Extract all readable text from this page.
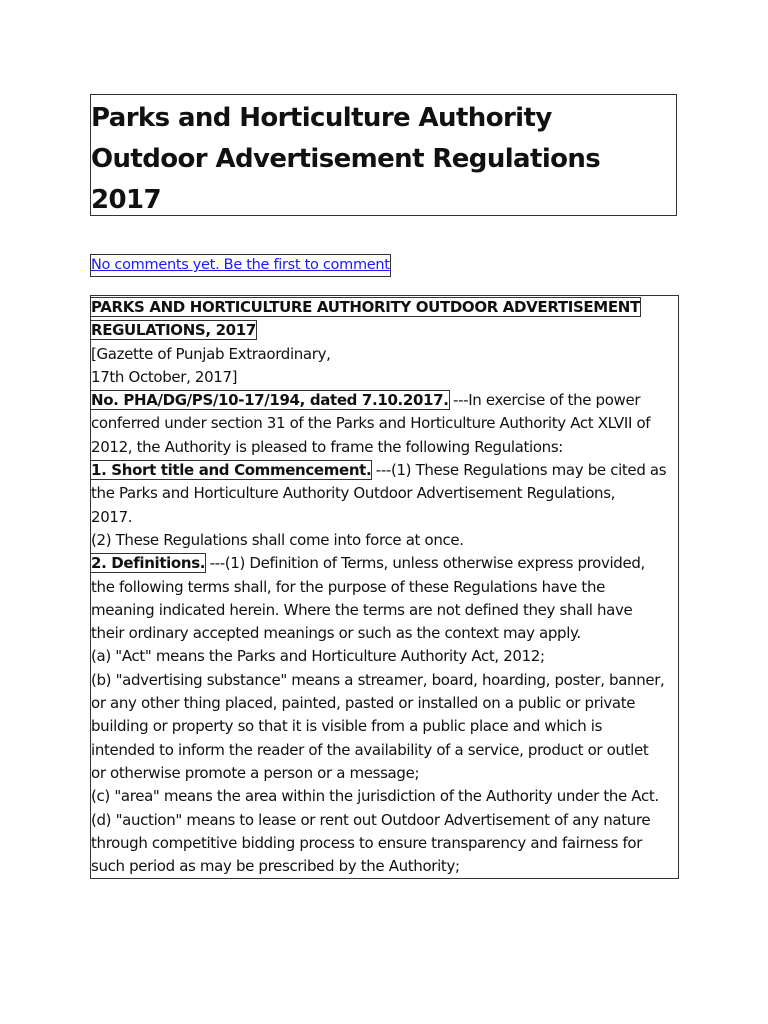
Parks and Horticulture Authority
Outdoor Advertisement Regulations
2017
No comments yet. Be the first to comment
PARKS AND HORTICULTURE AUTHORITY OUTDOOR ADVERTISEMENT
REGULATIONS, 2017
[Gazette of Punjab Extraordinary,
17th October, 2017]
No. PHA/DG/PS/10-17/194, dated 7.10.2017. ---In exercise of the power
conferred under section 31 of the Parks and Horticulture Authority Act XLVII of
2012, the Authority is pleased to frame the following Regulations:
1. Short title and Commencement. ---(1) These Regulations may be cited as
the Parks and Horticulture Authority Outdoor Advertisement Regulations,
2017.
(2) These Regulations shall come into force at once.
2. Definitions. ---(1) Definition of Terms, unless otherwise express provided,
the following terms shall, for the purpose of these Regulations have the
meaning indicated herein. Where the terms are not defined they shall have
their ordinary accepted meanings or such as the context may apply.
(a) "Act" means the Parks and Horticulture Authority Act, 2012;
(b) "advertising substance" means a streamer, board, hoarding, poster, banner,
or any other thing placed, painted, pasted or installed on a public or private
building or property so that it is visible from a public place and which is
intended to inform the reader of the availability of a service, product or outlet
or otherwise promote a person or a message;
(c) "area" means the area within the jurisdiction of the Authority under the Act.
(d) "auction" means to lease or rent out Outdoor Advertisement of any nature
through competitive bidding process to ensure transparency and fairness for
such period as may be prescribed by the Authority;
